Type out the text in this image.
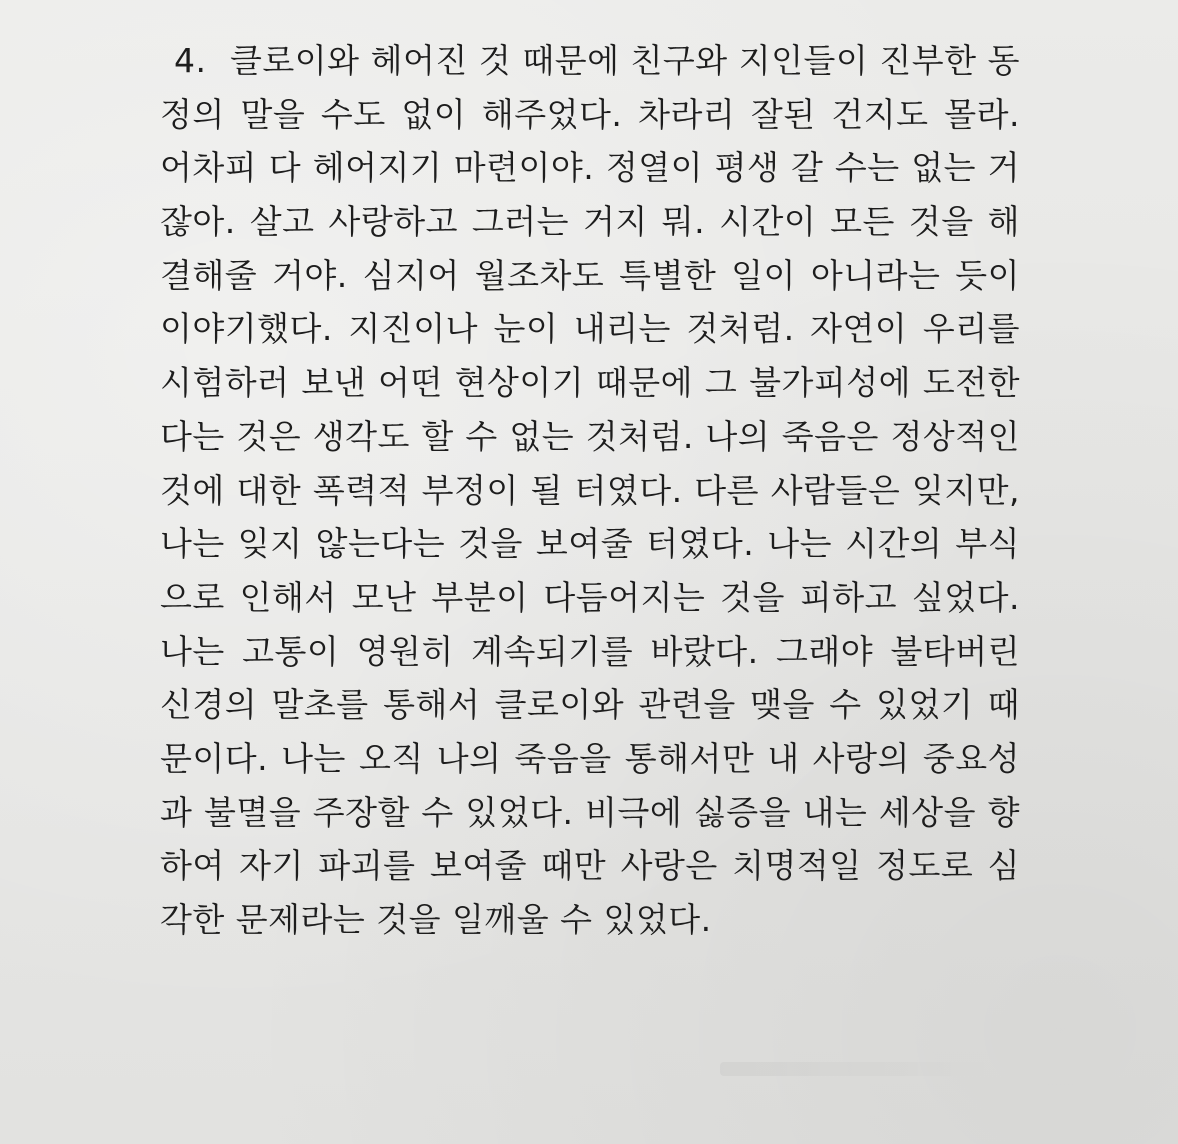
4. 클로이와 헤어진 것 때문에 친구와 지인들이 진부한 동
정의 말을 수도 없이 해주었다. 차라리 잘된 건지도 몰라.
어차피 다 헤어지기 마련이야. 정열이 평생 갈 수는 없는 거
잖아. 살고 사랑하고 그러는 거지 뭐. 시간이 모든 것을 해
결해줄 거야. 심지어 월조차도 특별한 일이 아니라는 듯이
이야기했다. 지진이나 눈이 내리는 것처럼. 자연이 우리를
시험하러 보낸 어떤 현상이기 때문에 그 불가피성에 도전한
다는 것은 생각도 할 수 없는 것처럼. 나의 죽음은 정상적인
것에 대한 폭력적 부정이 될 터였다. 다른 사람들은 잊지만,
나는 잊지 않는다는 것을 보여줄 터였다. 나는 시간의 부식
으로 인해서 모난 부분이 다듬어지는 것을 피하고 싶었다.
나는 고통이 영원히 계속되기를 바랐다. 그래야 불타버린
신경의 말초를 통해서 클로이와 관련을 맺을 수 있었기 때
문이다. 나는 오직 나의 죽음을 통해서만 내 사랑의 중요성
과 불멸을 주장할 수 있었다. 비극에 싫증을 내는 세상을 향
하여 자기 파괴를 보여줄 때만 사랑은 치명적일 정도로 심
각한 문제라는 것을 일깨울 수 있었다.
